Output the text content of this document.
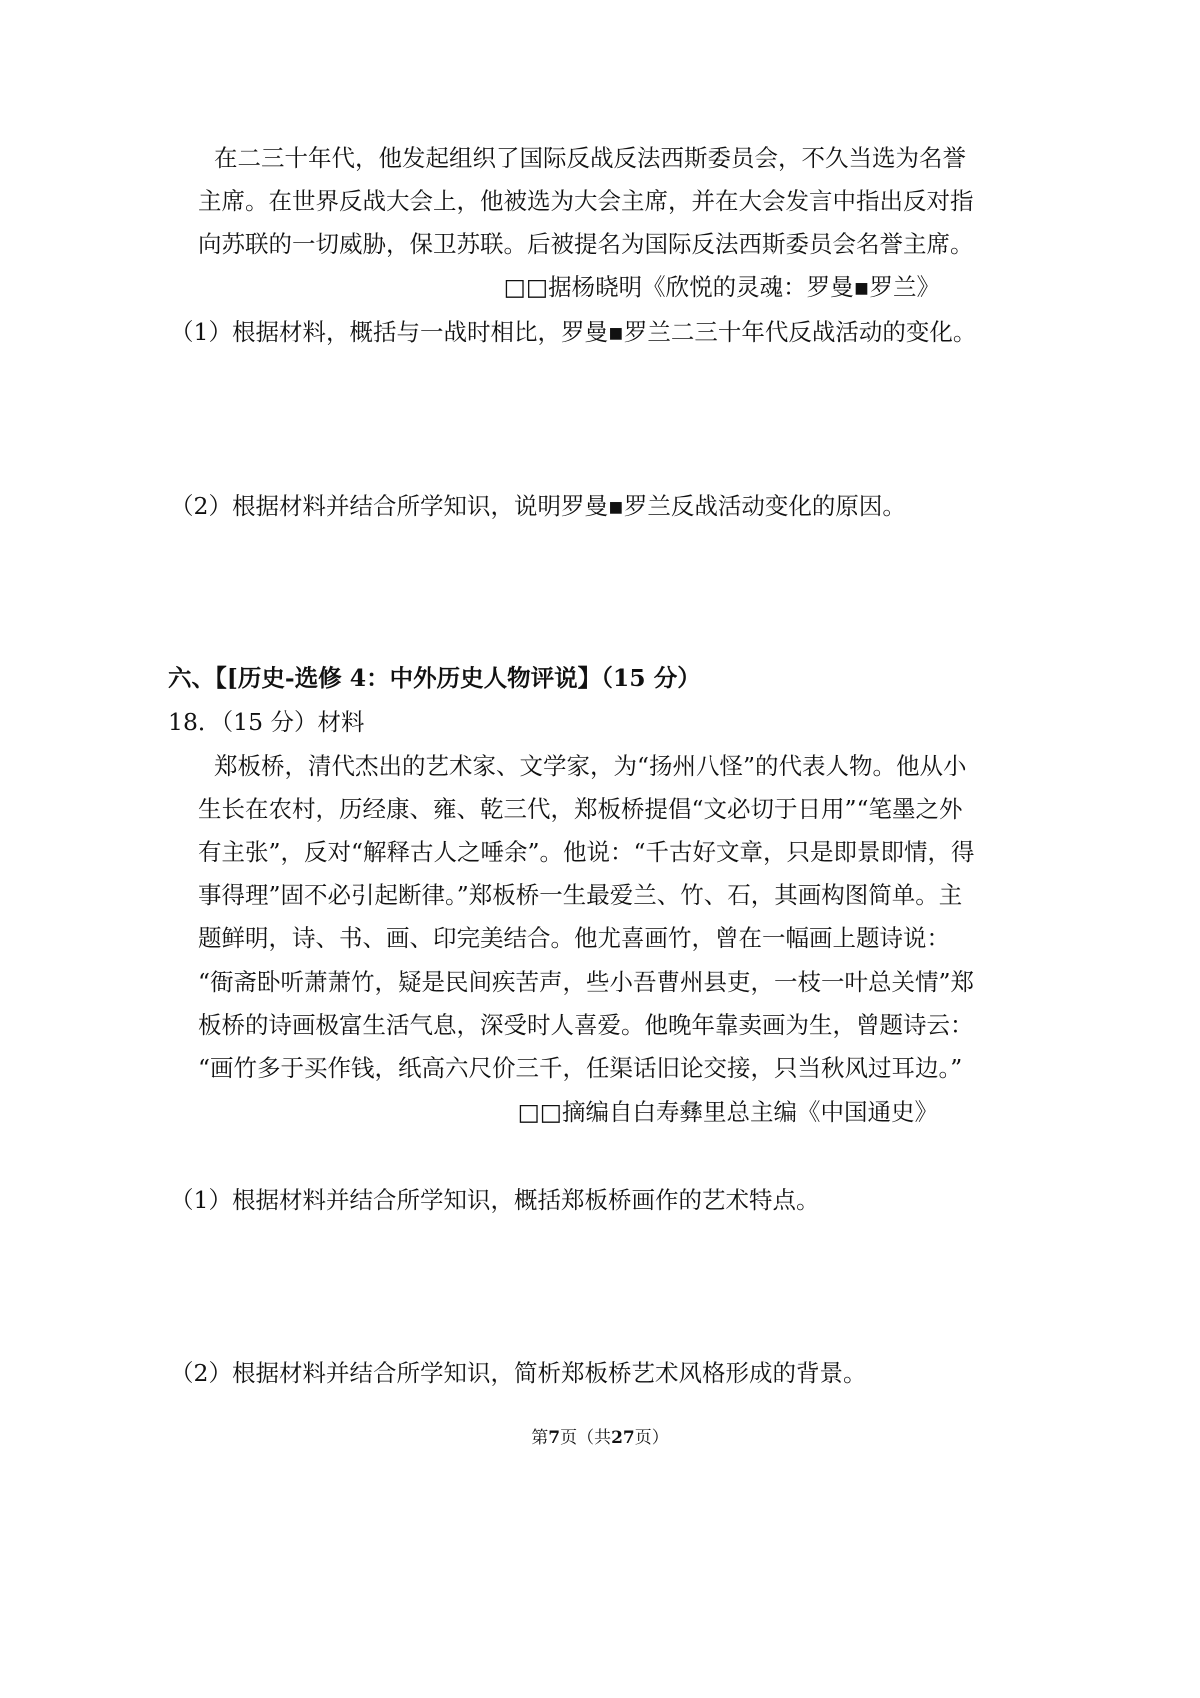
在二三十年代，他发起组织了国际反战反法西斯委员会，不久当选为名誉
主席。在世界反战大会上，他被选为大会主席，并在大会发言中指出反对指
向苏联的一切威胁，保卫苏联。后被提名为国际反法西斯委员会名誉主席。
□□据杨晓明《欣悦的灵魂：罗曼▪罗兰》
（1）根据材料，概括与一战时相比，罗曼▪罗兰二三十年代反战活动的变化。
（2）根据材料并结合所学知识，说明罗曼▪罗兰反战活动变化的原因。
六、【[历史-选修 4：中外历史人物评说】（15 分）
18．（15 分）材料
郑板桥，清代杰出的艺术家、文学家，为“扬州八怪”的代表人物。他从小
生长在农村，历经康、雍、乾三代，郑板桥提倡“文必切于日用”“笔墨之外
有主张”，反对“解释古人之唾余”。他说：“千古好文章，只是即景即情，得
事得理”固不必引起断律。”郑板桥一生最爱兰、竹、石，其画构图简单。主
题鲜明，诗、书、画、印完美结合。他尤喜画竹，曾在一幅画上题诗说：
“衙斋卧听萧萧竹，疑是民间疾苦声，些小吾曹州县吏，一枝一叶总关情”郑
板桥的诗画极富生活气息，深受时人喜爱。他晚年靠卖画为生，曾题诗云：
“画竹多于买作钱，纸高六尺价三千，任渠话旧论交接，只当秋风过耳边。”
□□摘编自白寿彝里总主编《中国通史》
（1）根据材料并结合所学知识，概括郑板桥画作的艺术特点。
（2）根据材料并结合所学知识，简析郑板桥艺术风格形成的背景。
第7页（共27页）
